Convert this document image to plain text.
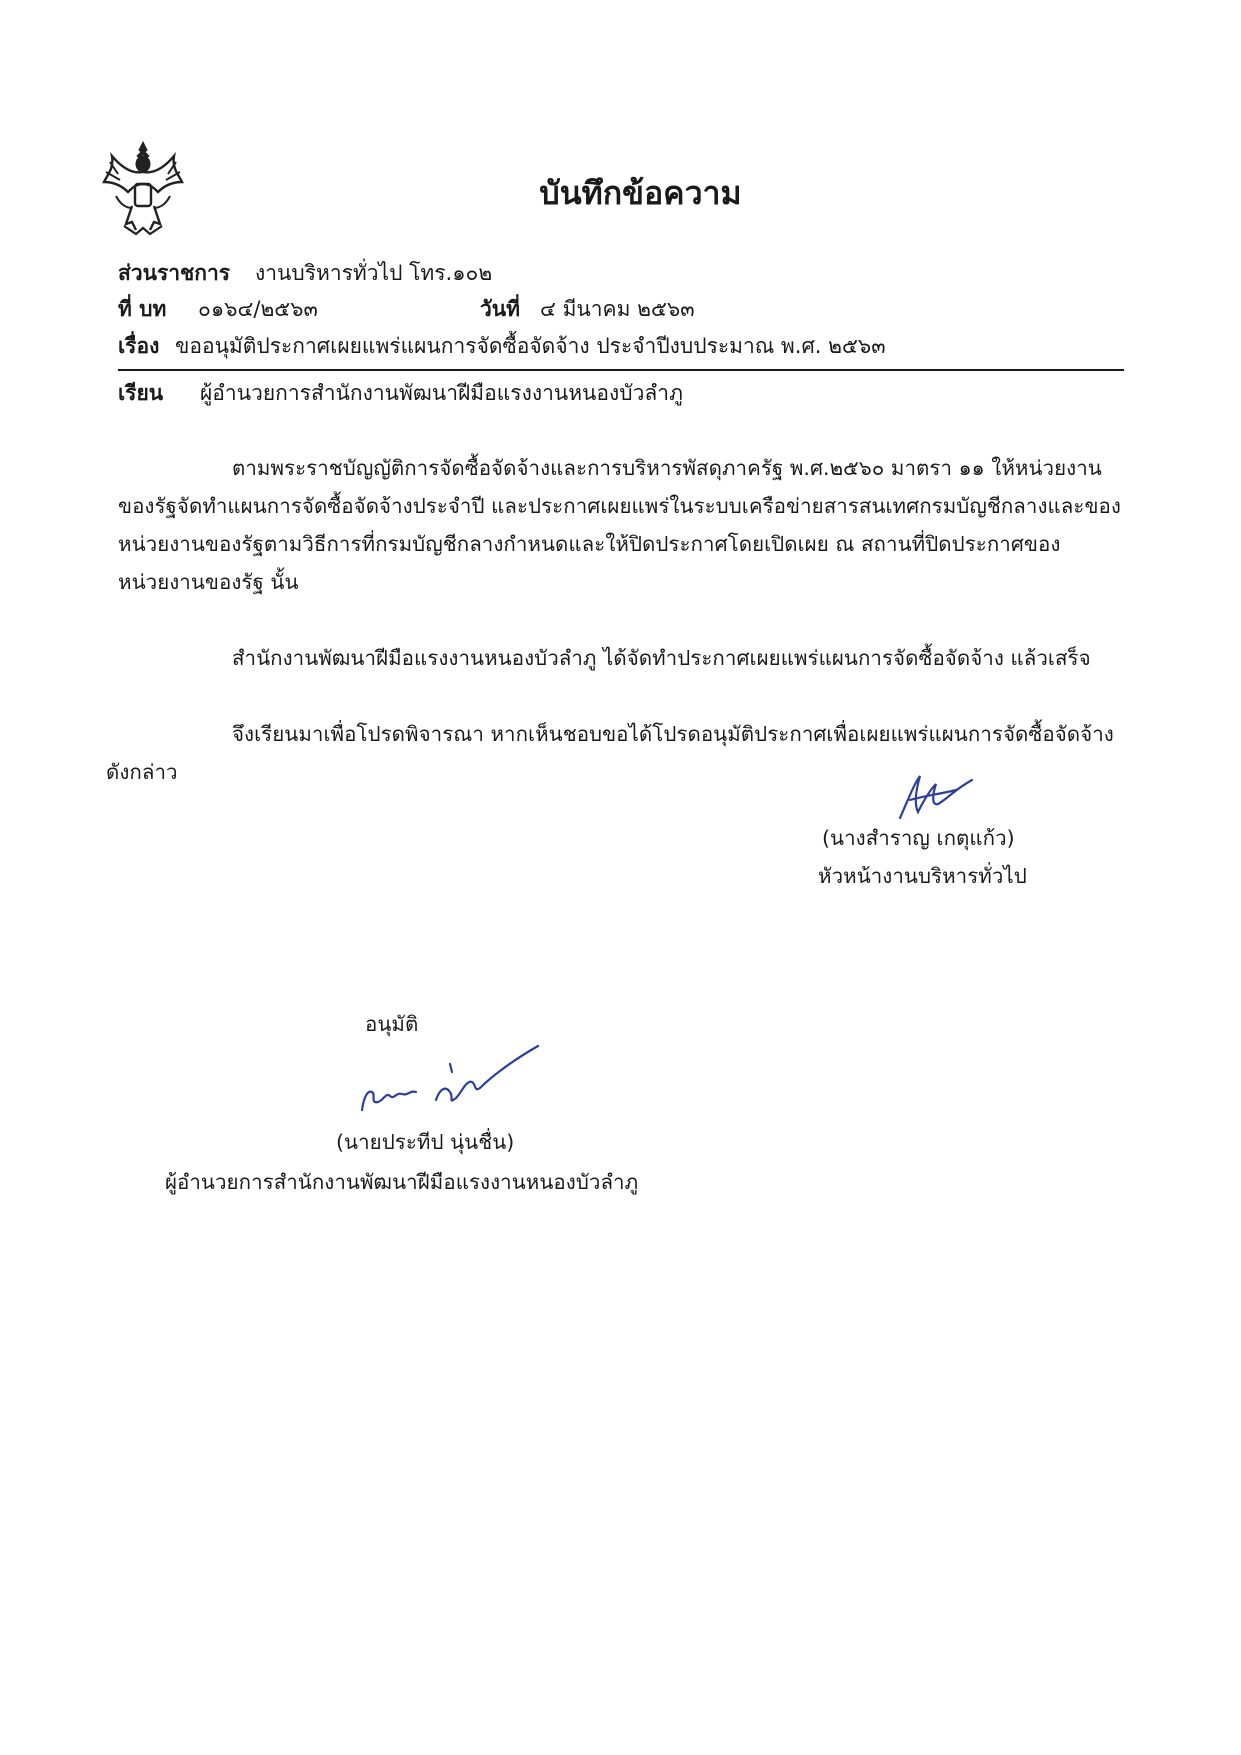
บันทึกข้อความ
ส่วนราชการ งานบริหารทั่วไป โทร.๑๐๒
ที่ บท ๐๑๖๔/๒๕๖๓	วันที่ ๔ มีนาคม ๒๕๖๓
เรื่อง ขออนุมัติประกาศเผยแพร่แผนการจัดซื้อจัดจ้าง ประจำปีงบประมาณ พ.ศ. ๒๕๖๓
เรียน ผู้อำนวยการสำนักงานพัฒนาฝีมือแรงงานหนองบัวลำภู
ตามพระราชบัญญัติการจัดซื้อจัดจ้างและการบริหารพัสดุภาครัฐ พ.ศ.๒๕๖๐ มาตรา ๑๑ ให้หน่วยงาน
ของรัฐจัดทำแผนการจัดซื้อจัดจ้างประจำปี และประกาศเผยแพร่ในระบบเครือข่ายสารสนเทศกรมบัญชีกลางและของ
หน่วยงานของรัฐตามวิธีการที่กรมบัญชีกลางกำหนดและให้ปิดประกาศโดยเปิดเผย ณ สถานที่ปิดประกาศของ
หน่วยงานของรัฐ นั้น
สำนักงานพัฒนาฝีมือแรงงานหนองบัวลำภู ได้จัดทำประกาศเผยแพร่แผนการจัดซื้อจัดจ้าง แล้วเสร็จ
จึงเรียนมาเพื่อโปรดพิจารณา หากเห็นชอบขอได้โปรดอนุมัติประกาศเพื่อเผยแพร่แผนการจัดซื้อจัดจ้าง
ดังกล่าว
(นางสำราญ เกตุแก้ว)
หัวหน้างานบริหารทั่วไป
อนุมัติ
(นายประทีป นุ่นชื่น)
ผู้อำนวยการสำนักงานพัฒนาฝีมือแรงงานหนองบัวลำภู
